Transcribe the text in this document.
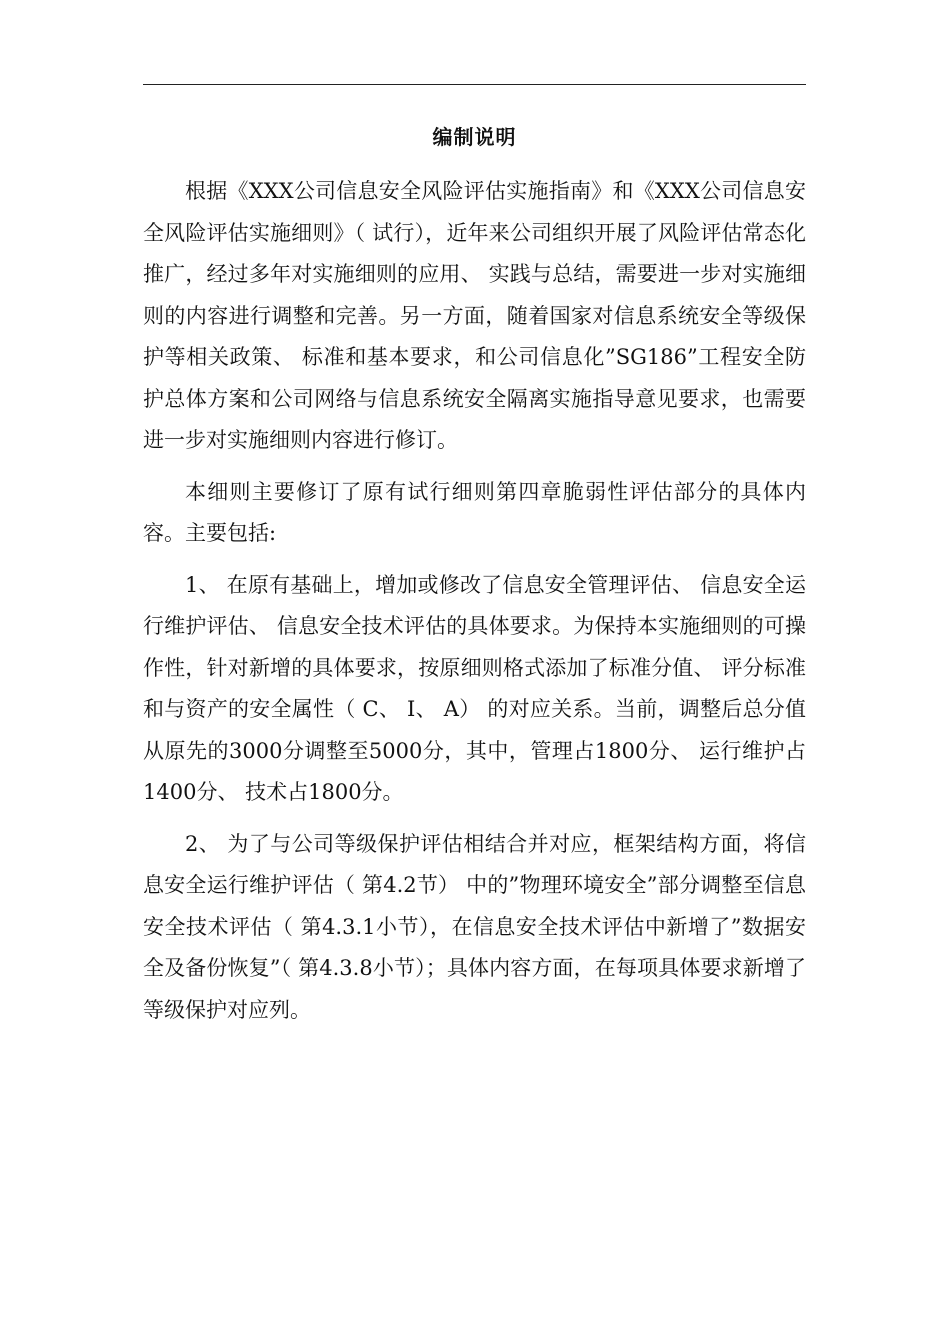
编制说明

根据《XXX公司信息安全风险评估实施指南》和《XXX公司信息安全风险评估实施细则》（ 试行），近年来公司组织开展了风险评估常态化推广，经过多年对实施细则的应用、 实践与总结，需要进一步对实施细则的内容进行调整和完善。另一方面，随着国家对信息系统安全等级保护等相关政策、 标准和基本要求，和公司信息化”SG186”工程安全防护总体方案和公司网络与信息系统安全隔离实施指导意见要求，也需要进一步对实施细则内容进行修订。

本细则主要修订了原有试行细则第四章脆弱性评估部分的具体内容。主要包括:

1、 在原有基础上，增加或修改了信息安全管理评估、 信息安全运行维护评估、 信息安全技术评估的具体要求。为保持本实施细则的可操作性，针对新增的具体要求，按原细则格式添加了标准分值、 评分标准和与资产的安全属性（ C、 I、 A） 的对应关系。当前，调整后总分值从原先的3000分调整至5000分，其中，管理占1800分、 运行维护占1400分、 技术占1800分。

2、 为了与公司等级保护评估相结合并对应，框架结构方面，将信息安全运行维护评估（ 第4.2节） 中的”物理环境安全”部分调整至信息安全技术评估（ 第4.3.1小节），在信息安全技术评估中新增了”数据安全及备份恢复”（ 第4.3.8小节）；具体内容方面，在每项具体要求新增了等级保护对应列。
